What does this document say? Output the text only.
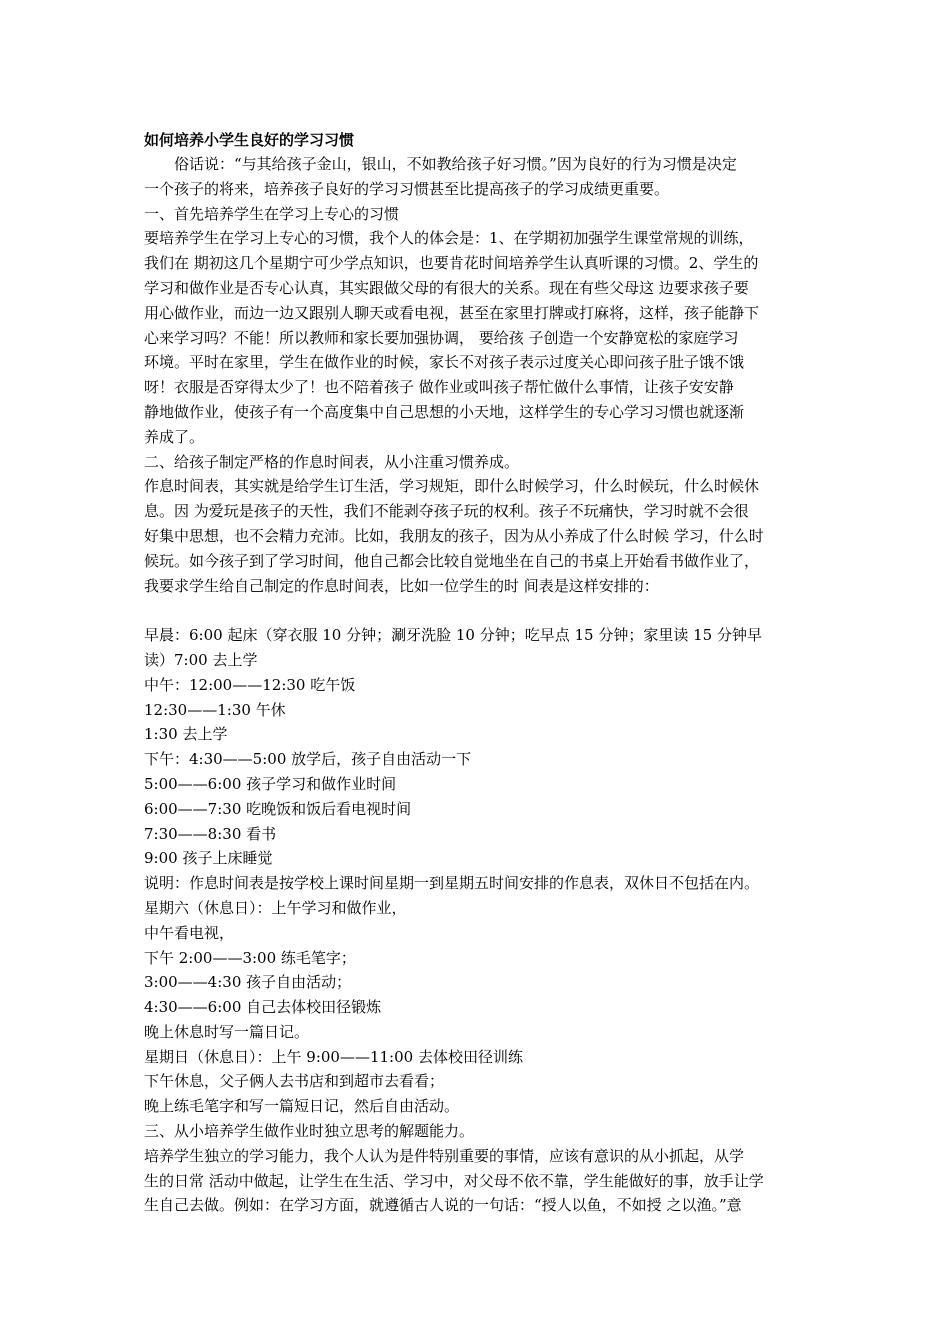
如何培养小学生良好的学习习惯

俗话说：“与其给孩子金山，银山，不如教给孩子好习惯。”因为良好的行为习惯是决定

一个孩子的将来，培养孩子良好的学习习惯甚至比提高孩子的学习成绩更重要。

一、首先培养学生在学习上专心的习惯

要培养学生在学习上专心的习惯，我个人的体会是：1、在学期初加强学生课堂常规的训练，

我们在 期初这几个星期宁可少学点知识，也要肯花时间培养学生认真听课的习惯。2、学生的

学习和做作业是否专心认真，其实跟做父母的有很大的关系。现在有些父母这 边要求孩子要

用心做作业，而边一边又跟别人聊天或看电视，甚至在家里打牌或打麻将，这样，孩子能静下

心来学习吗？不能！所以教师和家长要加强协调， 要给孩 子创造一个安静宽松的家庭学习

环境。平时在家里，学生在做作业的时候，家长不对孩子表示过度关心即问孩子肚子饿不饿

呀！衣服是否穿得太少了！也不陪着孩子 做作业或叫孩子帮忙做什么事情，让孩子安安静

静地做作业，使孩子有一个高度集中自己思想的小天地，这样学生的专心学习习惯也就逐渐

养成了。

二、给孩子制定严格的作息时间表，从小注重习惯养成。

作息时间表，其实就是给学生订生活，学习规矩，即什么时候学习，什么时候玩，什么时候休

息。因 为爱玩是孩子的天性，我们不能剥夺孩子玩的权利。孩子不玩痛快，学习时就不会很

好集中思想，也不会精力充沛。比如，我朋友的孩子，因为从小养成了什么时候 学习，什么时

候玩。如今孩子到了学习时间，他自己都会比较自觉地坐在自己的书桌上开始看书做作业了，

我要求学生给自己制定的作息时间表，比如一位学生的时 间表是这样安排的：

早晨：6:00 起床（穿衣服 10 分钟；涮牙洗脸 10 分钟；吃早点 15 分钟；家里读 15 分钟早

读）7:00 去上学

中午：12:00——12:30 吃午饭

12:30——1:30 午休

1:30 去上学

下午：4:30——5:00 放学后，孩子自由活动一下

5:00——6:00 孩子学习和做作业时间

6:00——7:30 吃晚饭和饭后看电视时间

7:30——8:30 看书

9:00 孩子上床睡觉

说明：作息时间表是按学校上课时间星期一到星期五时间安排的作息表，双休日不包括在内。

星期六（休息日）：上午学习和做作业，

中午看电视，

下午 2:00——3:00 练毛笔字；

3:00——4:30 孩子自由活动；

4:30——6:00 自己去体校田径锻炼

晚上休息时写一篇日记。

星期日（休息日）：上午 9:00——11:00 去体校田径训练

下午休息，父子俩人去书店和到超市去看看；

晚上练毛笔字和写一篇短日记，然后自由活动。

三、从小培养学生做作业时独立思考的解题能力。

培养学生独立的学习能力，我个人认为是件特别重要的事情，应该有意识的从小抓起，从学

生的日常 活动中做起，让学生在生活、学习中，对父母不依不靠，学生能做好的事，放手让学

生自己去做。例如：在学习方面，就遵循古人说的一句话：“授人以鱼，不如授 之以渔。”意
